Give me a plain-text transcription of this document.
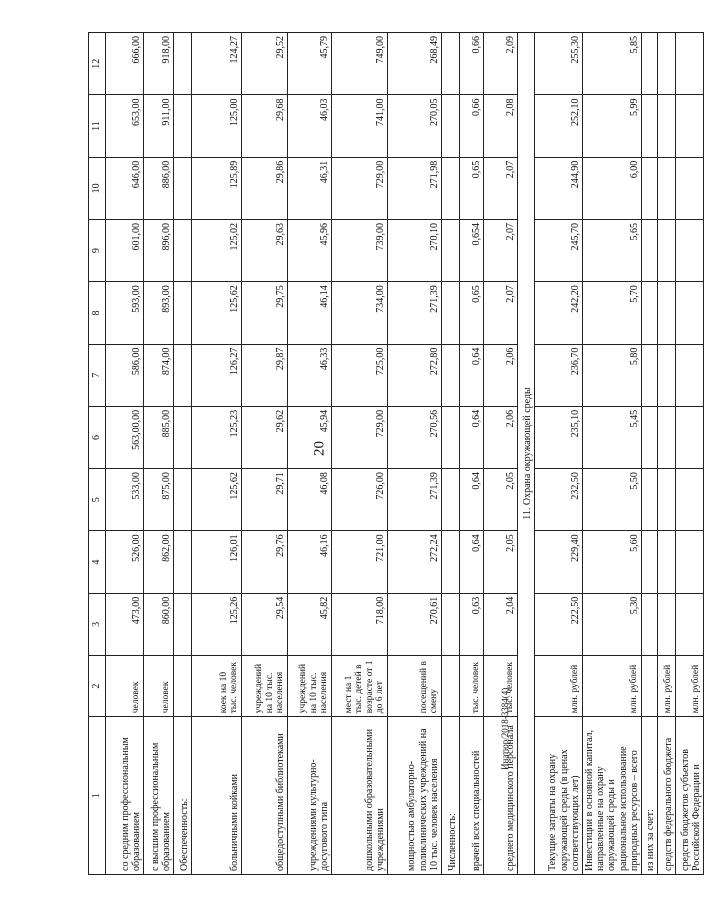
20
Инатюр/2018-3384(4)
1	2	3	4	5	6	7	8	9	10	11	12
со средним профессиональным образованием	человек	473,00	526,00	533,00	563,00,00	586,00	593,00	601,00	646,00	653,00	666,00
с высшим профессиональным образованием	человек	860,00	862,00	875,00	885,00	874,00	893,00	896,00	886,00	911,00	918,00
Обеспеченность:											
больничными койками	коек на 10 тыс. человек	125,26	126,01	125,62	125,23	126,27	125,62	125,02	125,89	125,00	124,27
общедоступными библиотеками	учреждений на 10 тыс. населения	29,54	29,76	29,71	29,62	29,87	29,75	29,63	29,86	29,68	29,52
учреждениями культурно-досугового типа	учреждений на 10 тыс. населения	45,82	46,16	46,08	45,94	46,33	46,14	45,96	46,31	46,03	45,79
дошкольными образовательными учреждениями	мест на 1 тыс. детей в возрасте от 1 до 6 лет	718,00	721,00	726,00	729,00	725,00	734,00	739,00	729,00	741,00	749,00
мощностью амбулаторно-поликлинических учреждений на 10 тыс. человек населения	посещений в смену	270,61	272,24	271,39	270,56	272,80	271,39	270,10	271,98	270,05	268,49
Численность:											
врачей всех специальностей	тыс. человек	0,63	0,64	0,64	0,64	0,64	0,65	0,654	0,65	0,66	0,66
среднего медицинского персонала	тыс. человек	2,04	2,05	2,05	2,06	2,06	2,07	2,07	2,07	2,08	2,09
11. Охрана окружающей среды											
Текущие затраты на охрану окружающей среды (в ценах соответствующих лет)	млн. рублей	222,50	229,40	232,50	235,10	236,70	242,20	245,70	244,90	252,10	255,30
Инвестиции в основной капитал, направленные на охрану окружающей среды и рациональное использование природных ресурсов – всего	млн. рублей	5,30	5,60	5,50	5,45	5,80	5,70	5,65	6,00	5,99	5,85
из них за счет:											
средств федерального бюджета	млн. рублей										
средств бюджетов субъектов Российской Федерации и	млн. рублей										
